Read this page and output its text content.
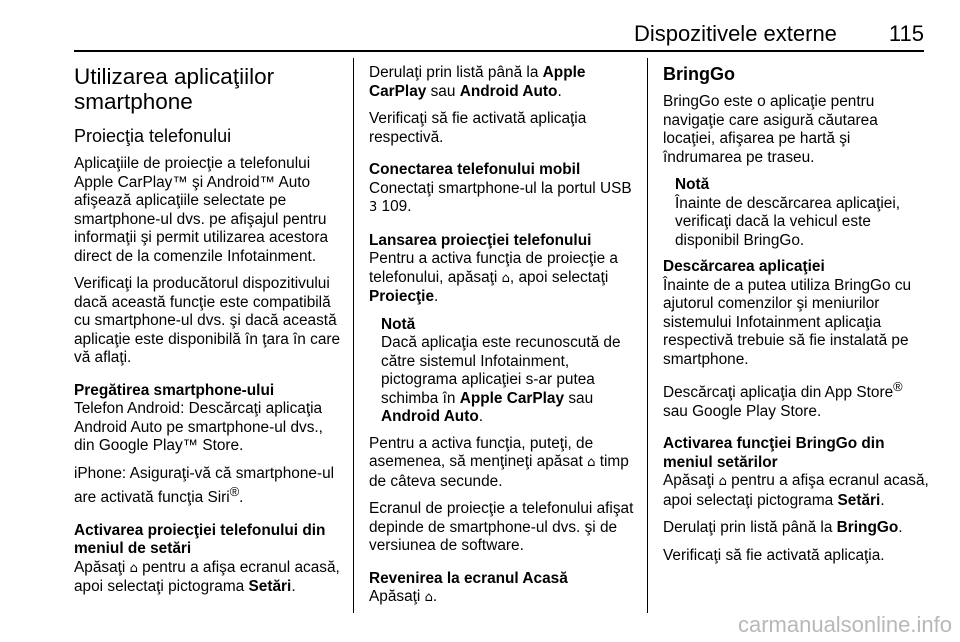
Dispozitivele externe 115
Utilizarea aplicaţiilor smartphone
Proiecţia telefonului

Aplicaţiile de proiecţie a telefonului Apple CarPlay™ şi Android™ Auto afişează aplicaţiile selectate pe smartphone-ul dvs. pe afişajul pentru informaţii şi permit utilizarea acestora direct de la comenzile Infotainment.

Verificaţi la producătorul dispozitivului dacă această funcţie este compatibilă cu smartphone-ul dvs. şi dacă această aplicaţie este disponibilă în ţara în care vă aflaţi.

Pregătirea smartphone-ului

Telefon Android: Descărcaţi aplicaţia Android Auto pe smartphone-ul dvs., din Google Play™ Store.

iPhone: Asiguraţi-vă că smartphone-ul are activată funcţia Siri®.

Activarea proiecţiei telefonului din meniul de setări

Apăsaţi ⌂ pentru a afişa ecranul acasă, apoi selectaţi pictograma Setări.

Derulaţi prin listă până la Apple CarPlay sau Android Auto.

Verificaţi să fie activată aplicaţia respectivă.

Conectarea telefonului mobil

Conectaţi smartphone-ul la portul USB 3 109.

Lansarea proiecţiei telefonului

Pentru a activa funcţia de proiecţie a telefonului, apăsaţi ⌂, apoi selectaţi Proiecţie.

Notă
Dacă aplicaţia este recunoscută de către sistemul Infotainment, pictograma aplicaţiei s-ar putea schimba în Apple CarPlay sau Android Auto.

Pentru a activa funcţia, puteţi, de asemenea, să menţineţi apăsat ⌂ timp de câteva secunde.

Ecranul de proiecţie a telefonului afişat depinde de smartphone-ul dvs. şi de versiunea de software.

Revenirea la ecranul Acasă

Apăsaţi ⌂.

BringGo

BringGo este o aplicaţie pentru navigaţie care asigură căutarea locaţiei, afişarea pe hartă şi îndrumarea pe traseu.

Notă
Înainte de descărcarea aplicaţiei, verificaţi dacă la vehicul este disponibil BringGo.
Descărcarea aplicaţiei

Înainte de a putea utiliza BringGo cu ajutorul comenzilor şi meniurilor sistemului Infotainment aplicaţia respectivă trebuie să fie instalată pe smartphone.

Descărcaţi aplicaţia din App Store® sau Google Play Store.

Activarea funcţiei BringGo din meniul setărilor

Apăsaţi ⌂ pentru a afişa ecranul acasă, apoi selectaţi pictograma Setări.

Derulaţi prin listă până la BringGo.

Verificaţi să fie activată aplicaţia.

carmanualsonline.info
